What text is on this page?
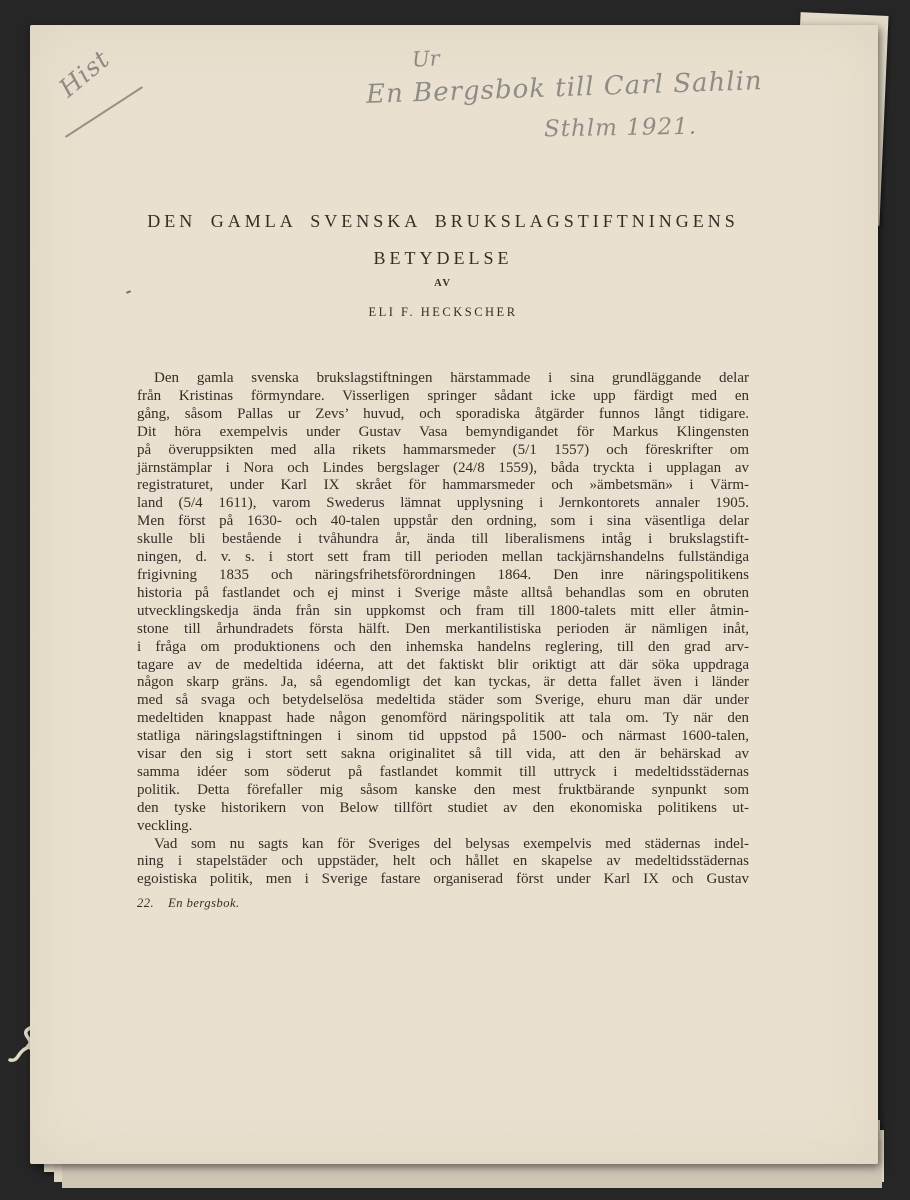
Hist	Ur
En Bergsbok till Carl Sahlin
Sthlm 1921.
DEN GAMLA SVENSKA BRUKSLAGSTIFTNINGENS
BETYDELSE
AV
ELI F. HECKSCHER
Den gamla svenska brukslagstiftningen härstammade i sina grundläggande delar
från Kristinas förmyndare. Visserligen springer sådant icke upp färdigt med en
gång, såsom Pallas ur Zevs’ huvud, och sporadiska åtgärder funnos långt tidigare.
Dit höra exempelvis under Gustav Vasa bemyndigandet för Markus Klingensten
på överuppsikten med alla rikets hammarsmeder (5/1 1557) och föreskrifter om
järnstämplar i Nora och Lindes bergslager (24/8 1559), båda tryckta i upplagan av
registraturet, under Karl IX skrået för hammarsmeder och »ämbetsmän» i Värm-
land (5/4 1611), varom Swederus lämnat upplysning i Jernkontorets annaler 1905.
Men först på 1630- och 40-talen uppstår den ordning, som i sina väsentliga delar
skulle bli bestående i tvåhundra år, ända till liberalismens intåg i brukslagstift-
ningen, d. v. s. i stort sett fram till perioden mellan tackjärnshandelns fullständiga
frigivning 1835 och näringsfrihetsförordningen 1864. Den inre näringspolitikens
historia på fastlandet och ej minst i Sverige måste alltså behandlas som en obruten
utvecklingskedja ända från sin uppkomst och fram till 1800-talets mitt eller åtmin-
stone till århundradets första hälft. Den merkantilistiska perioden är nämligen inåt,
i fråga om produktionens och den inhemska handelns reglering, till den grad arv-
tagare av de medeltida idéerna, att det faktiskt blir oriktigt att där söka uppdraga
någon skarp gräns. Ja, så egendomligt det kan tyckas, är detta fallet även i länder
med så svaga och betydelselösa medeltida städer som Sverige, ehuru man där under
medeltiden knappast hade någon genomförd näringspolitik att tala om. Ty när den
statliga näringslagstiftningen i sinom tid uppstod på 1500- och närmast 1600-talen,
visar den sig i stort sett sakna originalitet så till vida, att den är behärskad av
samma idéer som söderut på fastlandet kommit till uttryck i medeltidsstädernas
politik. Detta förefaller mig såsom kanske den mest fruktbärande synpunkt som
den tyske historikern von Below tillfört studiet av den ekonomiska politikens ut-
veckling.
Vad som nu sagts kan för Sveriges del belysas exempelvis med städernas indel-
ning i stapelstäder och uppstäder, helt och hållet en skapelse av medeltidsstädernas
egoistiska politik, men i Sverige fastare organiserad först under Karl IX och Gustav
22. En bergsbok.
